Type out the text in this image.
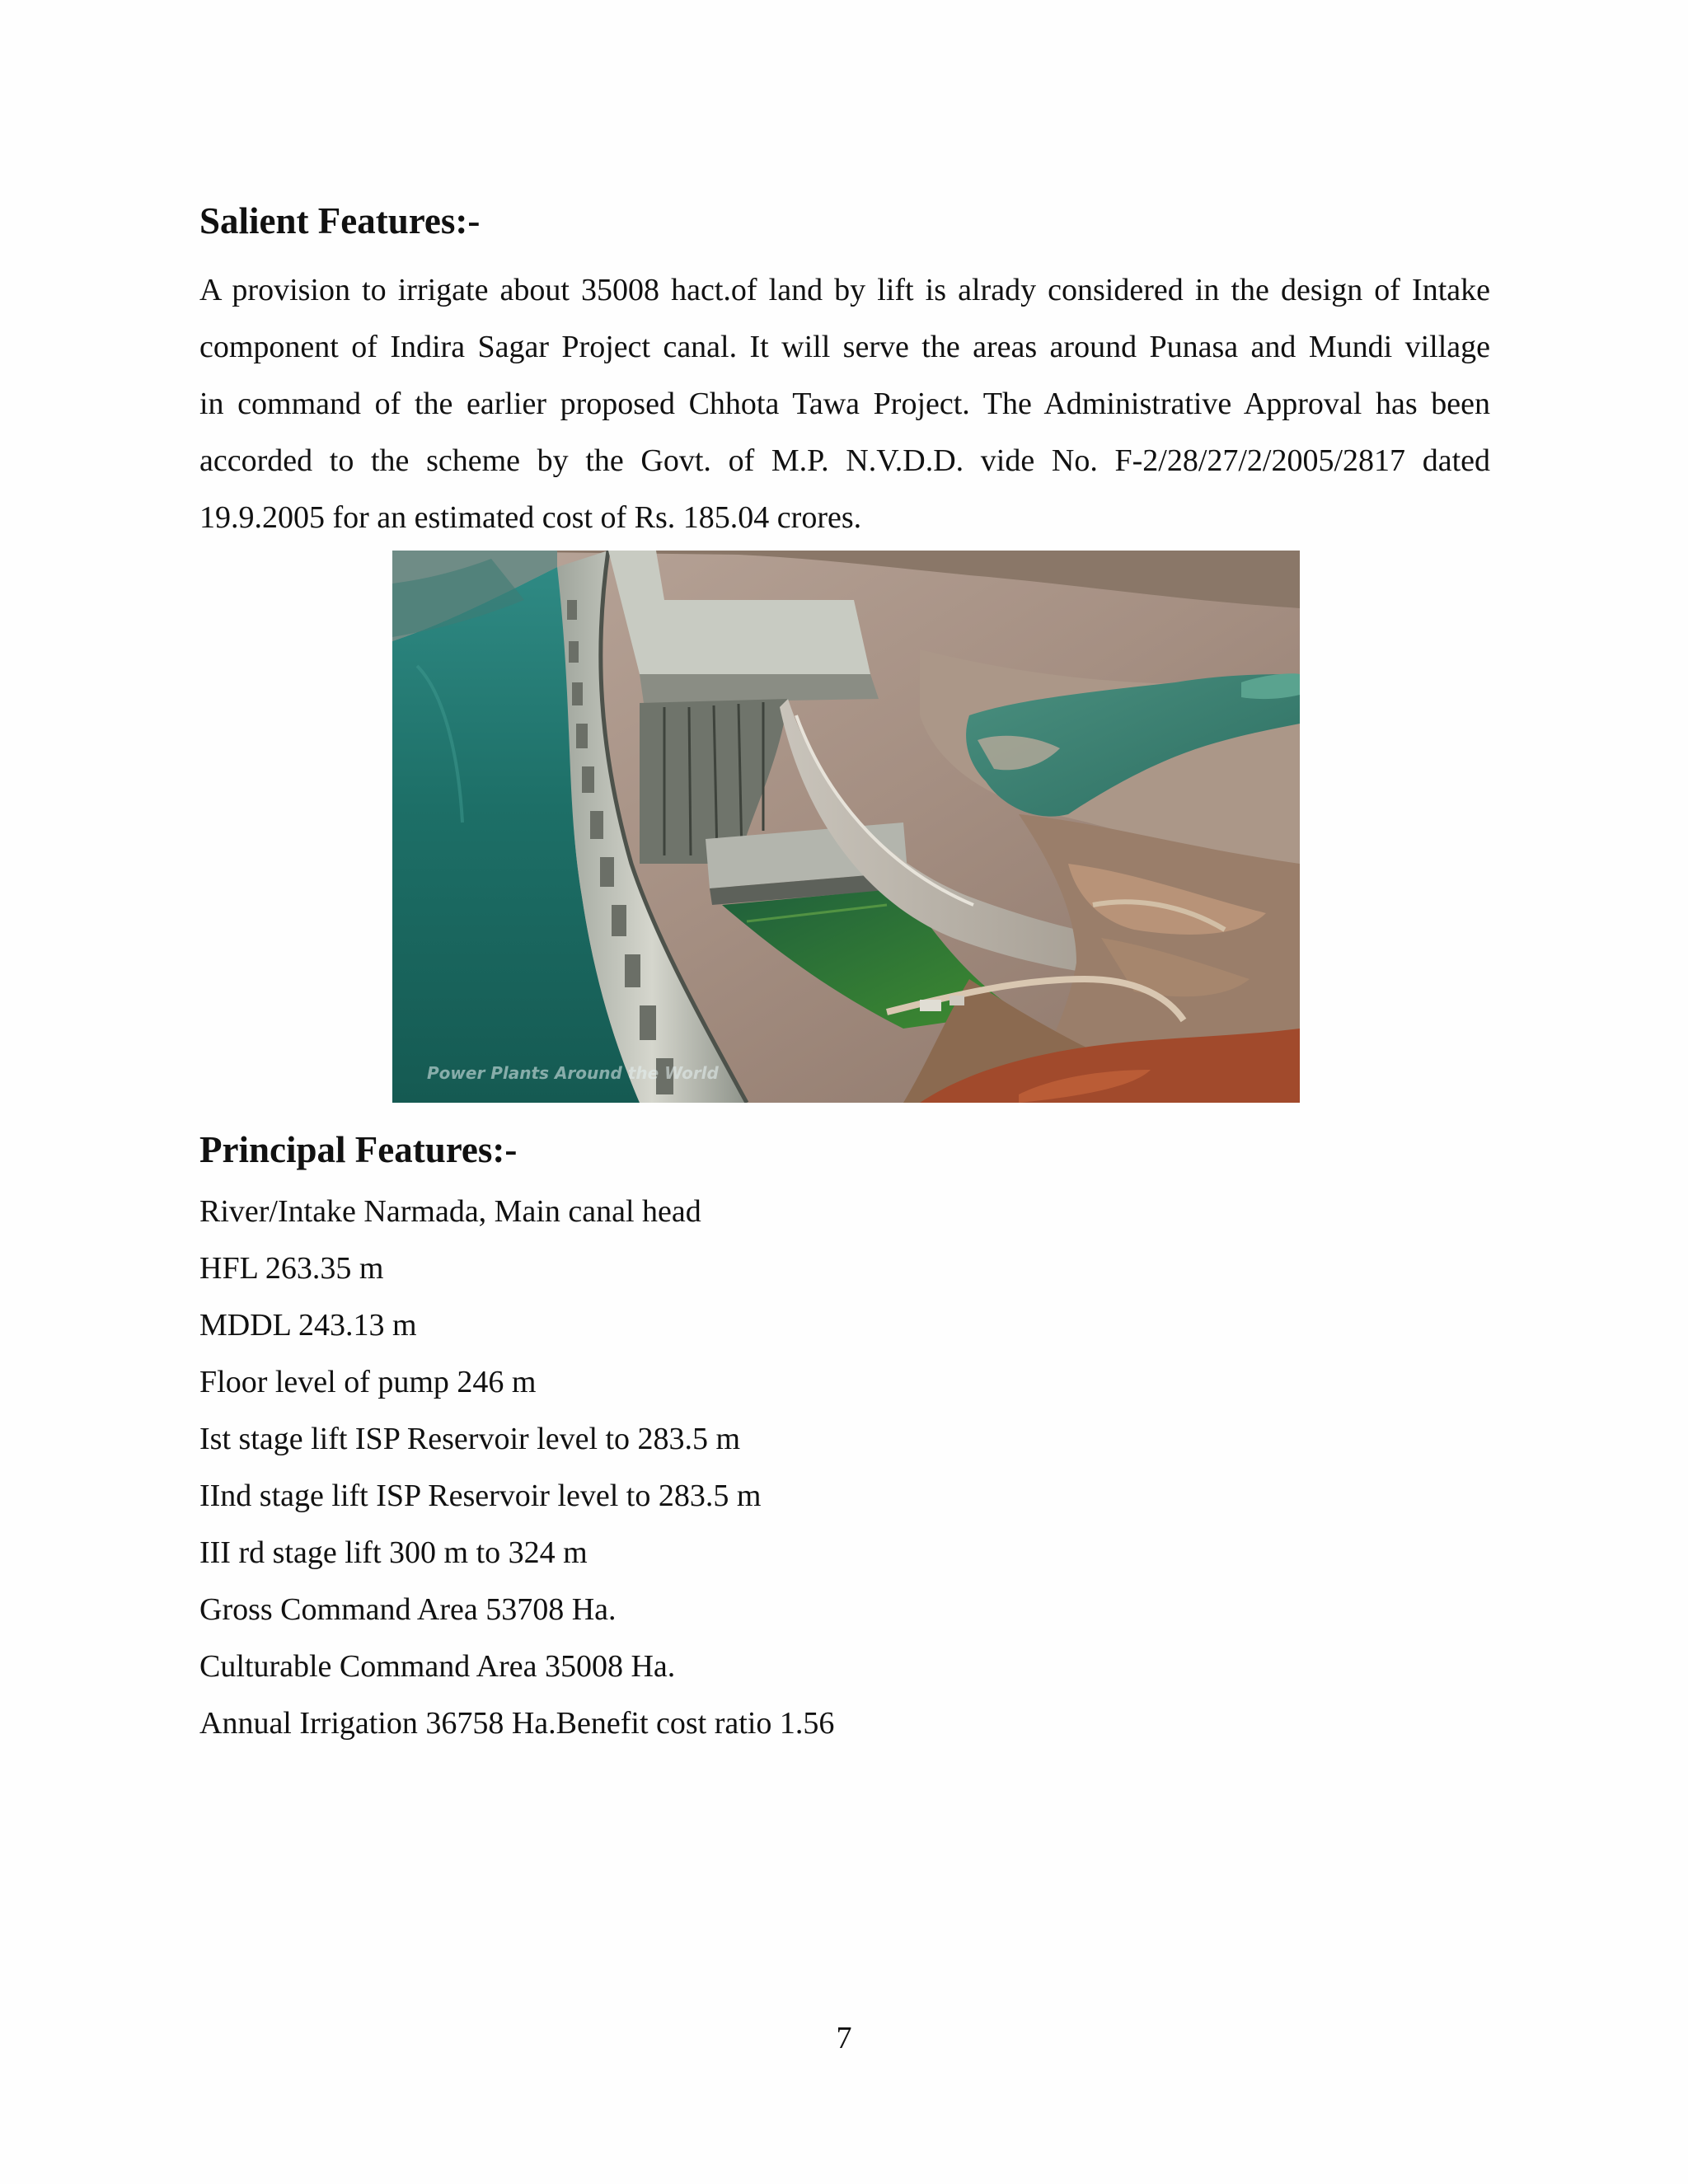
Salient Features:-

A provision to irrigate about 35008 hact.of land by lift is alrady considered in the design of Intake
component of Indira Sagar Project canal. It will serve the areas around Punasa and Mundi village
in command of the earlier proposed Chhota Tawa Project. The Administrative Approval has been
accorded to the scheme by the Govt. of M.P. N.V.D.D. vide No. F-2/28/27/2/2005/2817 dated
19.9.2005 for an estimated cost of Rs. 185.04 crores.

Power Plants Around the World
Principal Features:-
River/Intake Narmada, Main canal head
HFL 263.35 m
MDDL 243.13 m
Floor level of pump 246 m
Ist stage lift ISP Reservoir level to 283.5 m
IInd stage lift ISP Reservoir level to 283.5 m
III rd stage lift 300 m to 324 m
Gross Command Area 53708 Ha.
Culturable Command Area 35008 Ha.
Annual Irrigation 36758 Ha.Benefit cost ratio 1.56
7
